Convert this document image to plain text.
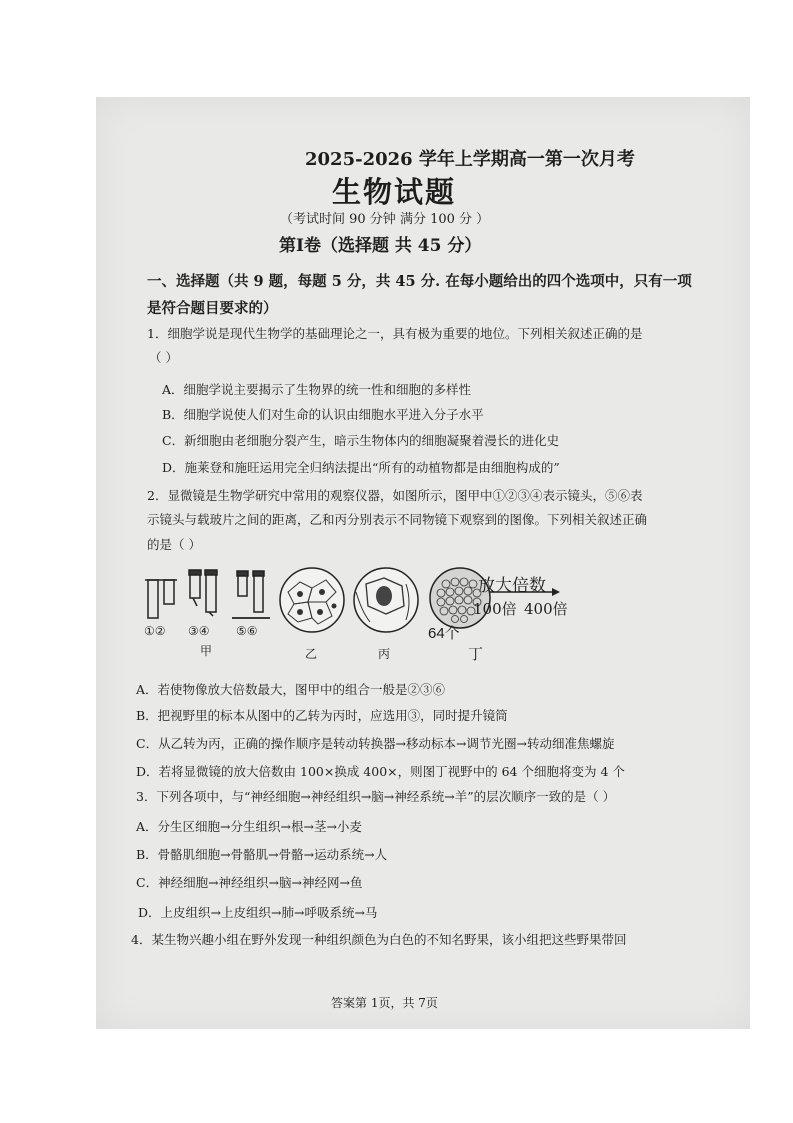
2025-2026 学年上学期高一第一次月考
生物试题
（考试时间 90 分钟 满分 100 分 ）
第Ⅰ卷（选择题 共 45 分）
一、选择题（共 9 题，每题 5 分，共 45 分. 在每小题给出的四个选项中，只有一项
是符合题目要求的）
1．细胞学说是现代生物学的基础理论之一，具有极为重要的地位。下列相关叙述正确的是
（ ）
A．细胞学说主要揭示了生物界的统一性和细胞的多样性
B．细胞学说使人们对生命的认识由细胞水平进入分子水平
C．新细胞由老细胞分裂产生，暗示生物体内的细胞凝聚着漫长的进化史
D．施莱登和施旺运用完全归纳法提出“所有的动植物都是由细胞构成的”
2．显微镜是生物学研究中常用的观察仪器，如图所示，图甲中①②③④表示镜头，⑤⑥表
示镜头与载玻片之间的距离，乙和丙分别表示不同物镜下观察到的图像。下列相关叙述正确
的是（ ）
①② ③④ ⑤⑥
甲	乙	丙
64个
丁
放大倍数
100倍 400倍
A．若使物像放大倍数最大，图甲中的组合一般是②③⑥
B．把视野里的标本从图中的乙转为丙时，应选用③，同时提升镜筒
C．从乙转为丙，正确的操作顺序是转动转换器→移动标本→调节光圈→转动细准焦螺旋
D．若将显微镜的放大倍数由 100×换成 400×，则图丁视野中的 64 个细胞将变为 4 个
3．下列各项中，与“神经细胞→神经组织→脑→神经系统→羊”的层次顺序一致的是（ ）
A．分生区细胞→分生组织→根→茎→小麦
B．骨骼肌细胞→骨骼肌→骨骼→运动系统→人
C．神经细胞→神经组织→脑→神经网→鱼
D．上皮组织→上皮组织→肺→呼吸系统→马
4．某生物兴趣小组在野外发现一种组织颜色为白色的不知名野果，该小组把这些野果带回
答案第 1页，共 7页
